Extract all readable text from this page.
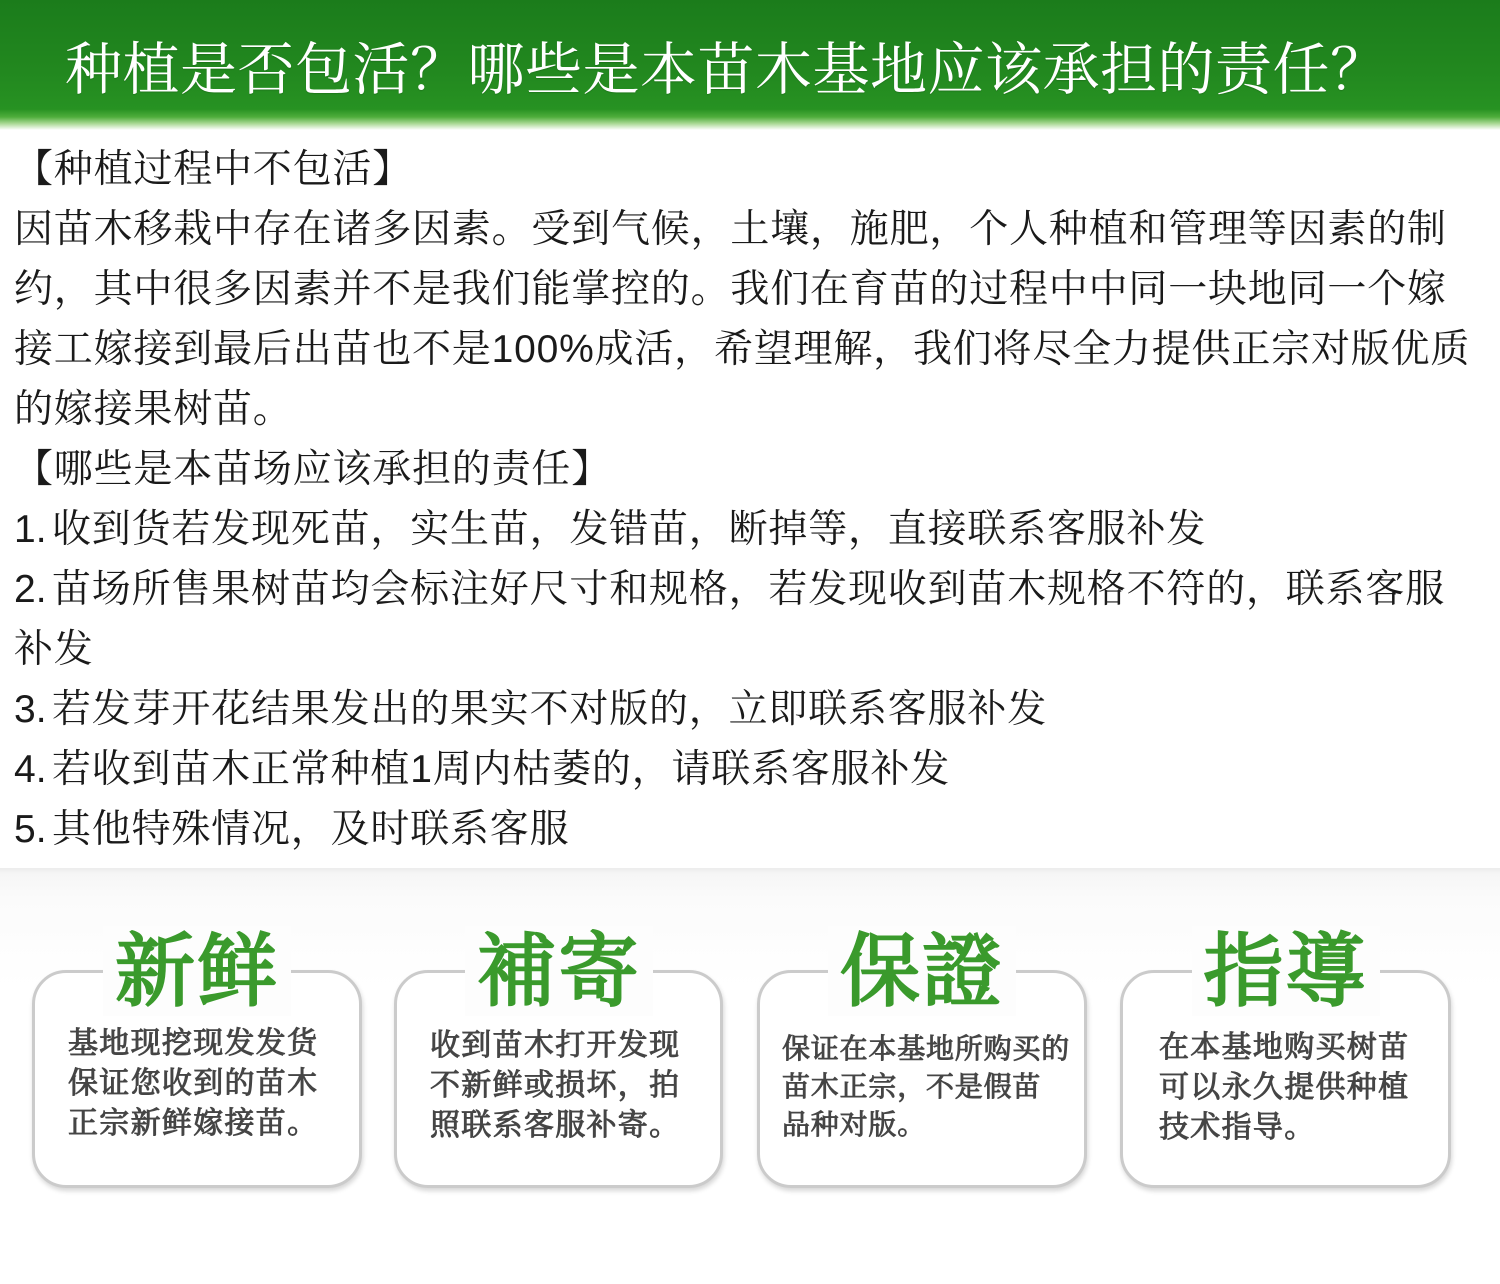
种植是否包活？哪些是本苗木基地应该承担的责任？
【种植过程中不包活】
因苗木移栽中存在诸多因素。受到气候，土壤，施肥，个人种植和管理等因素的制
约，其中很多因素并不是我们能掌控的。我们在育苗的过程中中同一块地同一个嫁
接工嫁接到最后出苗也不是100%成活，希望理解，我们将尽全力提供正宗对版优质
的嫁接果树苗。
【哪些是本苗场应该承担的责任】
1. 收到货若发现死苗，实生苗，发错苗，断掉等，直接联系客服补发
2. 苗场所售果树苗均会标注好尺寸和规格，若发现收到苗木规格不符的，联系客服
补发
3. 若发芽开花结果发出的果实不对版的，立即联系客服补发
4. 若收到苗木正常种植1周内枯萎的，请联系客服补发
5. 其他特殊情况，及时联系客服
新鲜
基地现挖现发发货
保证您收到的苗木
正宗新鲜嫁接苗。
補寄
收到苗木打开发现
不新鲜或损坏，拍
照联系客服补寄。
保證
保证在本基地所购买的
苗木正宗，不是假苗
品种对版。
指導
在本基地购买树苗
可以永久提供种植
技术指导。
